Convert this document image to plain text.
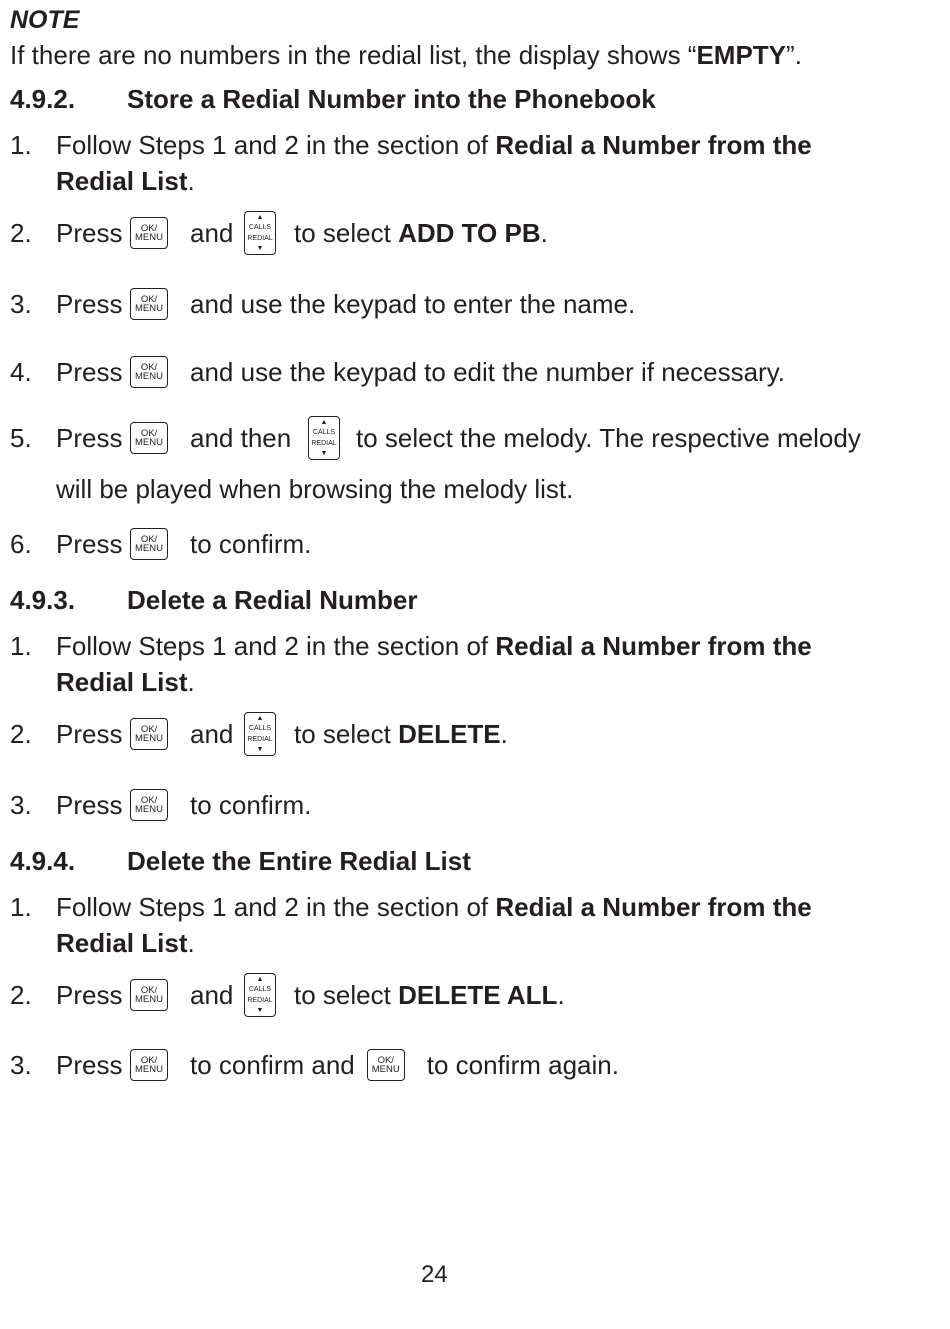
NOTE
If there are no numbers in the redial list, the display shows “EMPTY”.
4.9.2. Store a Redial Number into the Phonebook
1. Follow Steps 1 and 2 in the section of Redial a Number from the
Redial List.
2. Press	OK/
MENU and
▲
CALLS
REDIAL
▼
to select ADD TO PB.
3. Press	OK/
MENU and use the keypad to enter the name.
4. Press	OK/
MENU and use the keypad to edit the number if necessary.
5. Press	OK/
MENU and then
▲
CALLS
REDIAL
▼
to select the melody. The respective melody
will be played when browsing the melody list.
6. Press	OK/
MENU to confirm.
4.9.3. Delete a Redial Number
1. Follow Steps 1 and 2 in the section of Redial a Number from the
Redial List.
2. Press	OK/
MENU and
▲
CALLS
REDIAL
▼
to select DELETE.
3. Press	OK/
MENU to confirm.
4.9.4. Delete the Entire Redial List
1. Follow Steps 1 and 2 in the section of Redial a Number from the
Redial List.
2. Press	OK/
MENU and
▲
CALLS
REDIAL
▼
to select DELETE ALL.
3. Press	OK/
MENU to confirm and OK/
MENU to confirm again.
24
